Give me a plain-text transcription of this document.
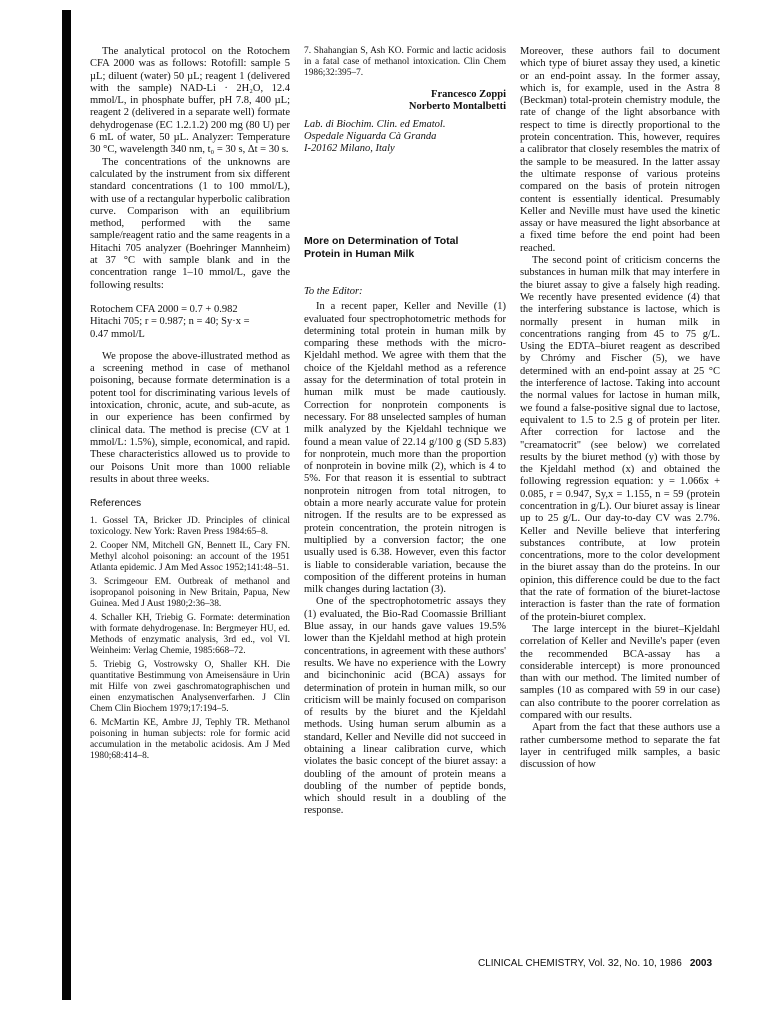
The analytical protocol on the Rotochem CFA 2000 was as follows: Rotofill: sample 5 µL; diluent (water) 50 µL; reagent 1 (delivered with the sample) NAD-Li · 2H₂O, 12.4 mmol/L, in phosphate buffer, pH 7.8, 400 µL; reagent 2 (delivered in a separate well) formate dehydrogenase (EC 1.2.1.2) 200 mg (80 U) per 6 mL of water, 50 µL. Analyzer: Temperature 30 °C, wavelength 340 nm, t₀ = 30 s, Δt = 30 s.

The concentrations of the unknowns are calculated by the instrument from six different standard concentrations (1 to 100 mmol/L), with use of a rectangular hyperbolic calibration curve. Comparison with an equilibrium method, performed with the same sample/reagent ratio and the same reagents in a Hitachi 705 analyzer (Boehringer Mannheim) at 37 °C with sample blank and in the concentration range 1–10 mmol/L, gave the following results:

Rotochem CFA 2000 = 0.7 + 0.982
Hitachi 705; r = 0.987; n = 40; Sy·x =
0.47 mmol/L

We propose the above-illustrated method as a screening method in case of methanol poisoning, because formate determination is a potent tool for discriminating various levels of intoxication, chronic, acute, and sub-acute, as in our experience has been confirmed by clinical data. The method is precise (CV at 1 mmol/L: 1.5%), simple, economical, and rapid. These characteristics allowed us to provide to our Poisons Unit more than 1000 reliable results in about three weeks.

References
1. Gossel TA, Bricker JD. Principles of clinical toxicology. New York: Raven Press 1984:65–8.
2. Cooper NM, Mitchell GN, Bennett IL, Cary FN. Methyl alcohol poisoning: an account of the 1951 Atlanta epidemic. J Am Med Assoc 1952;141:48–51.
3. Scrimgeour EM. Outbreak of methanol and isopropanol poisoning in New Britain, Papua, New Guinea. Med J Aust 1980;2:36–38.
4. Schaller KH, Triebig G. Formate: determination with formate dehydrogenase. In: Bergmeyer HU, ed. Methods of enzymatic analysis, 3rd ed., vol VI. Weinheim: Verlag Chemie, 1985:668–72.
5. Triebig G, Vostrowsky O, Shaller KH. Die quantitative Bestimmung von Ameisensäure in Urin mit Hilfe von zwei gaschromatographischen und einen enzymatischen Analysenverfarhen. J Clin Chem Clin Biochem 1979;17:194–5.
6. McMartin KE, Ambre JJ, Tephly TR. Methanol poisoning in human subjects: role for formic acid accumulation in the metabolic acidosis. Am J Med 1980;68:414–8.
7. Shahangian S, Ash KO. Formic and lactic acidosis in a fatal case of methanol intoxication. Clin Chem 1986;32:395–7.
Francesco Zoppi
Norberto Montalbetti
Lab. di Biochim. Clin. ed Ematol.
Ospedale Niguarda Cà Granda
I-20162 Milano, Italy
More on Determination of Total
Protein in Human Milk
To the Editor:

In a recent paper, Keller and Neville (1) evaluated four spectrophotometric methods for determining total protein in human milk by comparing these methods with the micro-Kjeldahl method. We agree with them that the choice of the Kjeldahl method as a reference assay for the determination of total protein in human milk must be made cautiously. Correction for nonprotein components is necessary. For 88 unselected samples of human milk analyzed by the Kjeldahl technique we found a mean value of 22.14 g/100 g (SD 5.83) for nonprotein, much more than the proportion of nonprotein in bovine milk (2), which is 4 to 5%. For that reason it is essential to subtract nonprotein nitrogen from total nitrogen, to obtain a more nearly accurate value for protein nitrogen. If the results are to be expressed as protein concentration, the protein nitrogen is multiplied by a conversion factor; the one usually used is 6.38. However, even this factor is liable to considerable variation, because the composition of the different proteins in human milk changes during lactation (3).

One of the spectrophotometric assays they (1) evaluated, the Bio-Rad Coomassie Brilliant Blue assay, in our hands gave values 19.5% lower than the Kjeldahl method at high protein concentrations, in agreement with these authors' results. We have no experience with the Lowry and bicinchoninic acid (BCA) assays for determination of protein in human milk, so our criticism will be mainly focused on comparison of results by the biuret and the Kjeldahl methods. Using human serum albumin as a standard, Keller and Neville did not succeed in obtaining a linear calibration curve, which violates the basic concept of the biuret assay: a doubling of the amount of protein means a doubling of the number of peptide bonds, which should result in a doubling of the response.

Moreover, these authors fail to document which type of biuret assay they used, a kinetic or an end-point assay. In the former assay, which is, for example, used in the Astra 8 (Beckman) total-protein chemistry module, the rate of change of the light absorbance with respect to time is directly proportional to the protein concentration. This, however, requires a calibrator that closely resembles the matrix of the sample to be measured. In the latter assay the ultimate response of various proteins compared on the basis of protein nitrogen content is essentially identical. Presumably Keller and Neville must have used the kinetic assay or have measured the light absorbance at a fixed time before the end point had been reached.

The second point of criticism concerns the substances in human milk that may interfere in the biuret assay to give a falsely high reading. We recently have presented evidence (4) that the interfering substance is lactose, which is normally present in human milk in concentrations ranging from 45 to 75 g/L. Using the EDTA–biuret reagent as described by Chrómy and Fischer (5), we have determined with an end-point assay at 25 °C the interference of lactose. Taking into account the normal values for lactose in human milk, we found a false-positive signal due to lactose, equivalent to 1.5 to 2.5 g of protein per liter. After correction for lactose and the "creamatocrit" (see below) we correlated results by the biuret method (y) with those by the Kjeldahl method (x) and obtained the following regression equation: y = 1.066x + 0.085, r = 0.947, Sy,x = 1.155, n = 59 (protein concentration in g/L). Our biuret assay is linear up to 25 g/L. Our day-to-day CV was 2.7%. Keller and Neville believe that interfering substances contribute, at low protein concentrations, more to the color development in the biuret assay than do the proteins. In our opinion, this difference could be due to the fact that the rate of formation of the biuret-lactose interaction is faster than the rate of formation of the protein-biuret complex.

The large intercept in the biuret–Kjeldahl correlation of Keller and Neville's paper (even the recommended BCA-assay has a considerable intercept) is more pronounced than with our method. The limited number of samples (10 as compared with 59 in our case) can also contribute to the poorer correlation as compared with our results.

Apart from the fact that these authors use a rather cumbersome method to separate the fat layer in centrifuged milk samples, a basic discussion of how

CLINICAL CHEMISTRY, Vol. 32, No. 10, 1986 2003
